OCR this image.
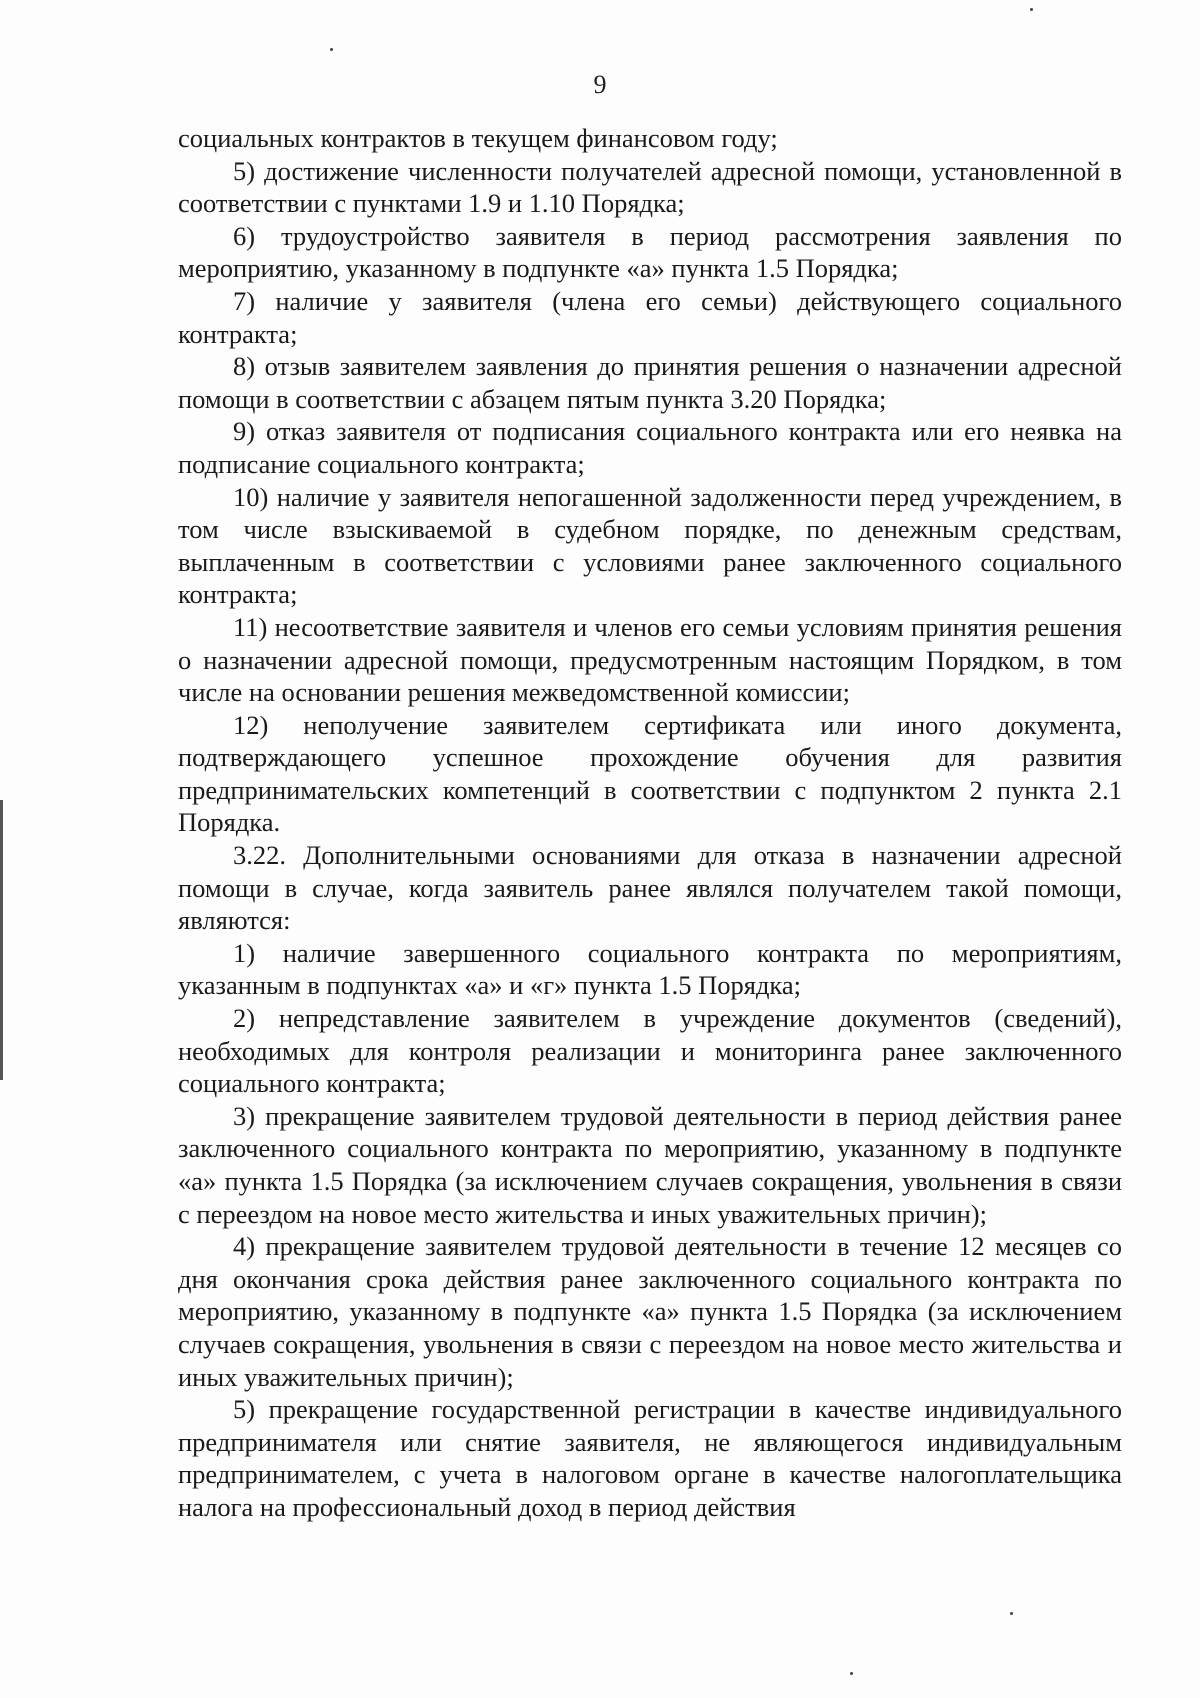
9

социальных контрактов в текущем финансовом году;

5) достижение численности получателей адресной помощи, установленной в соответствии с пунктами 1.9 и 1.10 Порядка;

6) трудоустройство заявителя в период рассмотрения заявления по мероприятию, указанному в подпункте «а» пункта 1.5 Порядка;

7) наличие у заявителя (члена его семьи) действующего социального контракта;

8) отзыв заявителем заявления до принятия решения о назначении адресной помощи в соответствии с абзацем пятым пункта 3.20 Порядка;

9) отказ заявителя от подписания социального контракта или его неявка на подписание социального контракта;

10) наличие у заявителя непогашенной задолженности перед учреждением, в том числе взыскиваемой в судебном порядке, по денежным средствам, выплаченным в соответствии с условиями ранее заключенного социального контракта;

11) несоответствие заявителя и членов его семьи условиям принятия решения о назначении адресной помощи, предусмотренным настоящим Порядком, в том числе на основании решения межведомственной комиссии;

12) неполучение заявителем сертификата или иного документа, подтверждающего успешное прохождение обучения для развития предпринимательских компетенций в соответствии с подпунктом 2 пункта 2.1 Порядка.

3.22. Дополнительными основаниями для отказа в назначении адресной помощи в случае, когда заявитель ранее являлся получателем такой помощи, являются:

1) наличие завершенного социального контракта по мероприятиям, указанным в подпунктах «а» и «г» пункта 1.5 Порядка;

2) непредставление заявителем в учреждение документов (сведений), необходимых для контроля реализации и мониторинга ранее заключенного социального контракта;

3) прекращение заявителем трудовой деятельности в период действия ранее заключенного социального контракта по мероприятию, указанному в подпункте «а» пункта 1.5 Порядка (за исключением случаев сокращения, увольнения в связи с переездом на новое место жительства и иных уважительных причин);

4) прекращение заявителем трудовой деятельности в течение 12 месяцев со дня окончания срока действия ранее заключенного социального контракта по мероприятию, указанному в подпункте «а» пункта 1.5 Порядка (за исключением случаев сокращения, увольнения в связи с переездом на новое место жительства и иных уважительных причин);

5) прекращение государственной регистрации в качестве индивидуального предпринимателя или снятие заявителя, не являющегося индивидуальным предпринимателем, с учета в налоговом органе в качестве налогоплательщика налога на профессиональный доход в период действия
